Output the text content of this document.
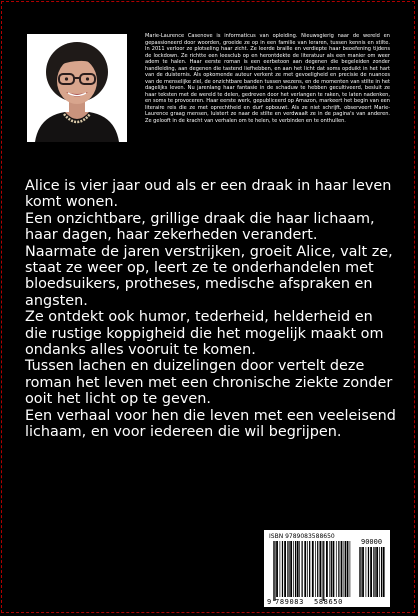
Marie-Laurence Casenove is informaticus van opleiding. Nieuwsgierig naar de wereld en gepassioneerd door woorden, groeide ze op in een familie van leraren, tussen kennis en stilte. In 2011 verloor ze plotseling haar zicht. Ze leerde braille en verdiepte haar beoefening tijdens de lockdown. Ze richtte een leesclub op en herontdekte de literatuur als een manier om weer adem te halen. Haar eerste roman is een eerbetoon aan degenen die begeleiden zonder handleiding, aan degenen die tastend liefhebben, en aan het licht dat soms opduikt in het hart van de duisternis. Als opkomende auteur verkent ze met gevoeligheid en precisie de nuances van de menselijke ziel, de onzichtbare banden tussen wezens, en de momenten van stilte in het dagelijks leven. Nu jarenlang haar fantasie in de schaduw te hebben gecultiveerd, besluit ze haar teksten met de wereld te delen, gedreven door het verlangen te raken, te laten nadenken, en soms te provoceren. Haar eerste werk, gepubliceerd op Amazon, markeert het begin van een literaire reis die ze met oprechtheid en durf opbouwt. Als ze niet schrijft, observeert Marie-Laurence graag mensen, luistert ze naar de stilte en verdwaalt ze in de pagina's van anderen. Ze gelooft in de kracht van verhalen om te helen, te verbinden en te onthullen.

Alice is vier jaar oud als er een draak in haar leven komt wonen.

Een onzichtbare, grillige draak die haar lichaam, haar dagen, haar zekerheden verandert.

Naarmate de jaren verstrijken, groeit Alice, valt ze, staat ze weer op, leert ze te onderhandelen met bloedsuikers, protheses, medische afspraken en angsten.

Ze ontdekt ook humor, tederheid, helderheid en die rustige koppigheid die het mogelijk maakt om ondanks alles vooruit te komen.

Tussen lachen en duizelingen door vertelt deze roman het leven met een chronische ziekte zonder ooit het licht op te geven.

Een verhaal voor hen die leven met een veeleisend lichaam, en voor iedereen die wil begrijpen.

ISBN 9789083588650
9 789083 588650
90000
